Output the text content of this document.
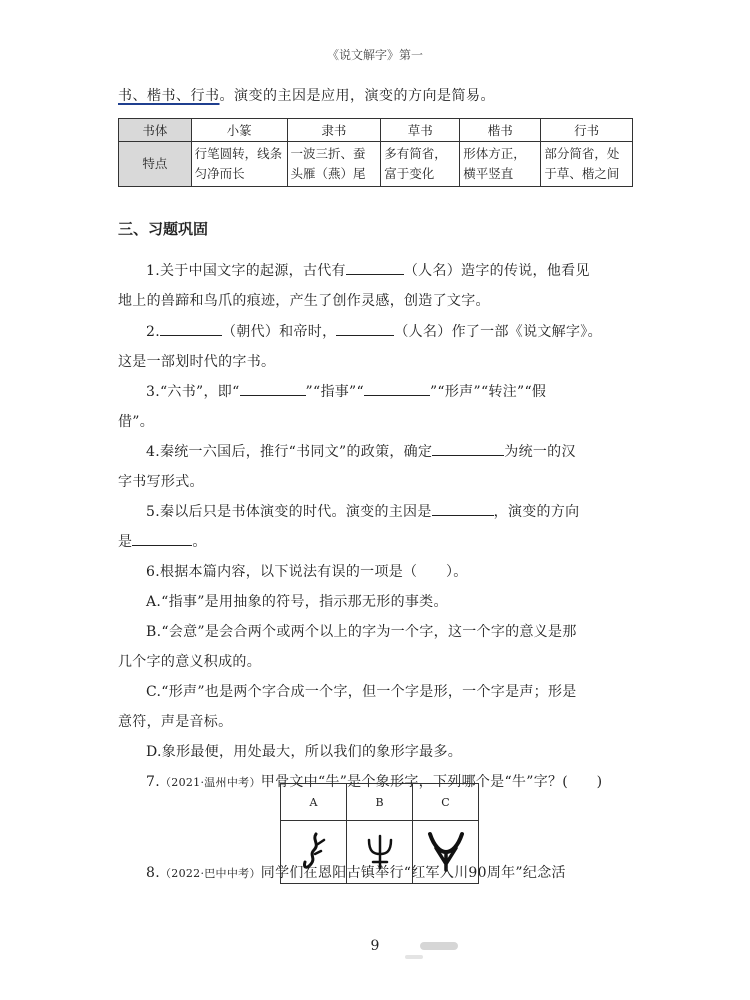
《说文解字》第一
书、楷书、行书。演变的主因是应用，演变的方向是简易。
书体	小篆	隶书	草书	楷书	行书
特点	行笔圆转，线条匀净而长	一波三折、蚕头雁（燕）尾	多有简省，富于变化	形体方正，横平竖直	部分简省，处于草、楷之间
三、习题巩固
1.关于中国文字的起源，古代有	（人名）造字的传说，他看见
地上的兽蹄和鸟爪的痕迹，产生了创作灵感，创造了文字。
2.	（朝代）和帝时，	（人名）作了一部《说文解字》。
这是一部划时代的字书。
3.“六书”，即“	”“指事”“	”“形声”“转注”“假
借”。
4.秦统一六国后，推行“书同文”的政策，确定	为统一的汉
字书写形式。
5.秦以后只是书体演变的时代。演变的主因是	，演变的方向
是	。
6.根据本篇内容，以下说法有误的一项是（　　）。
A.“指事”是用抽象的符号，指示那无形的事类。
B.“会意”是会合两个或两个以上的字为一个字，这一个字的意义是那
几个字的意义积成的。
C.“形声”也是两个字合成一个字，但一个字是形，一个字是声；形是
意符，声是音标。
D.象形最便，用处最大，所以我们的象形字最多。
7.（2021·温州中考）甲骨文中“牛”是个象形字，下列哪个是“牛”字？(　　)
A	B	C

8.（2022·巴中中考）同学们在恩阳古镇举行“红军入川90周年”纪念活
9
